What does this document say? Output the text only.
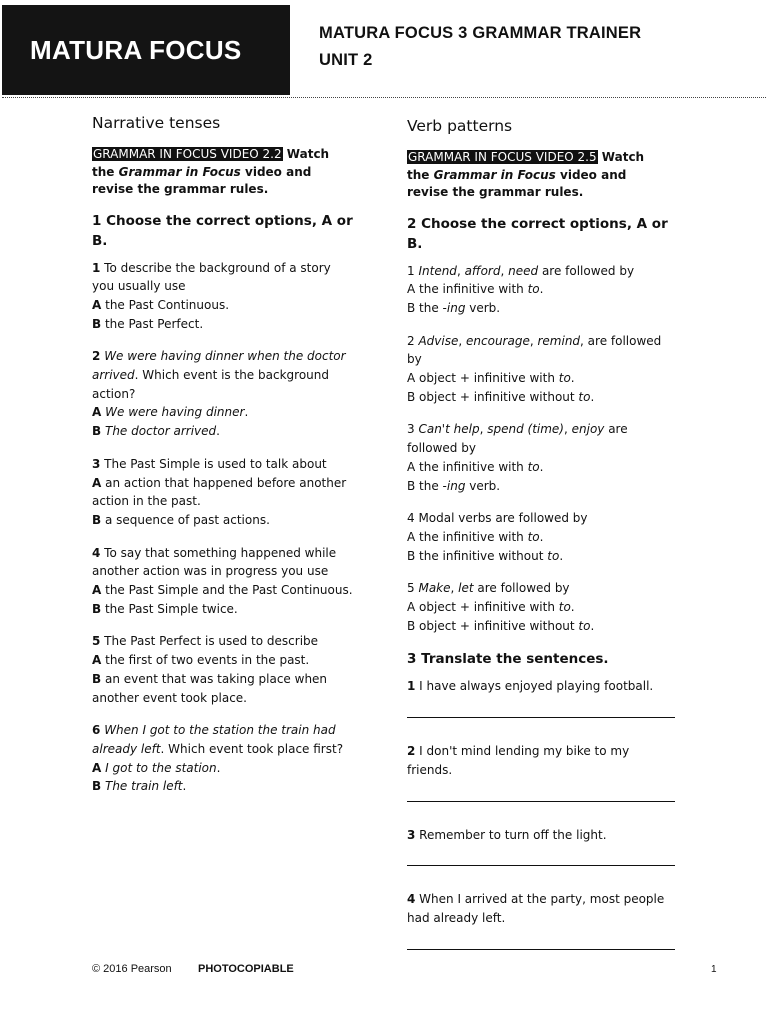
MATURA FOCUS
MATURA FOCUS 3 GRAMMAR TRAINER
UNIT 2
Narrative tenses

GRAMMAR IN FOCUS VIDEO 2.2 Watch the Grammar in Focus video and revise the grammar rules.

1 Choose the correct options, A or B.

1 To describe the background of a story you usually use

A the Past Continuous.

B the Past Perfect.

2 We were having dinner when the doctor arrived. Which event is the background action?

A We were having dinner.

B The doctor arrived.

3 The Past Simple is used to talk about

A an action that happened before another action in the past.

B a sequence of past actions.

4 To say that something happened while another action was in progress you use

A the Past Simple and the Past Continuous.

B the Past Simple twice.

5 The Past Perfect is used to describe

A the first of two events in the past.

B an event that was taking place when another event took place.

6 When I got to the station the train had already left. Which event took place first?

A I got to the station.

B The train left.

Verb patterns

GRAMMAR IN FOCUS VIDEO 2.5 Watch the Grammar in Focus video and revise the grammar rules.

2 Choose the correct options, A or B.

1 Intend, afford, need are followed by

A the infinitive with to.

B the -ing verb.

2 Advise, encourage, remind, are followed by

A object + infinitive with to.

B object + infinitive without to.

3 Can't help, spend (time), enjoy are followed by

A the infinitive with to.

B the -ing verb.

4 Modal verbs are followed by

A the infinitive with to.

B the infinitive without to.

5 Make, let are followed by

A object + infinitive with to.

B object + infinitive without to.

3 Translate the sentences.

1 I have always enjoyed playing football.

2 I don't mind lending my bike to my friends.

3 Remember to turn off the light.

4 When I arrived at the party, most people had already left.

© 2016 Pearson PHOTOCOPIABLE	1
